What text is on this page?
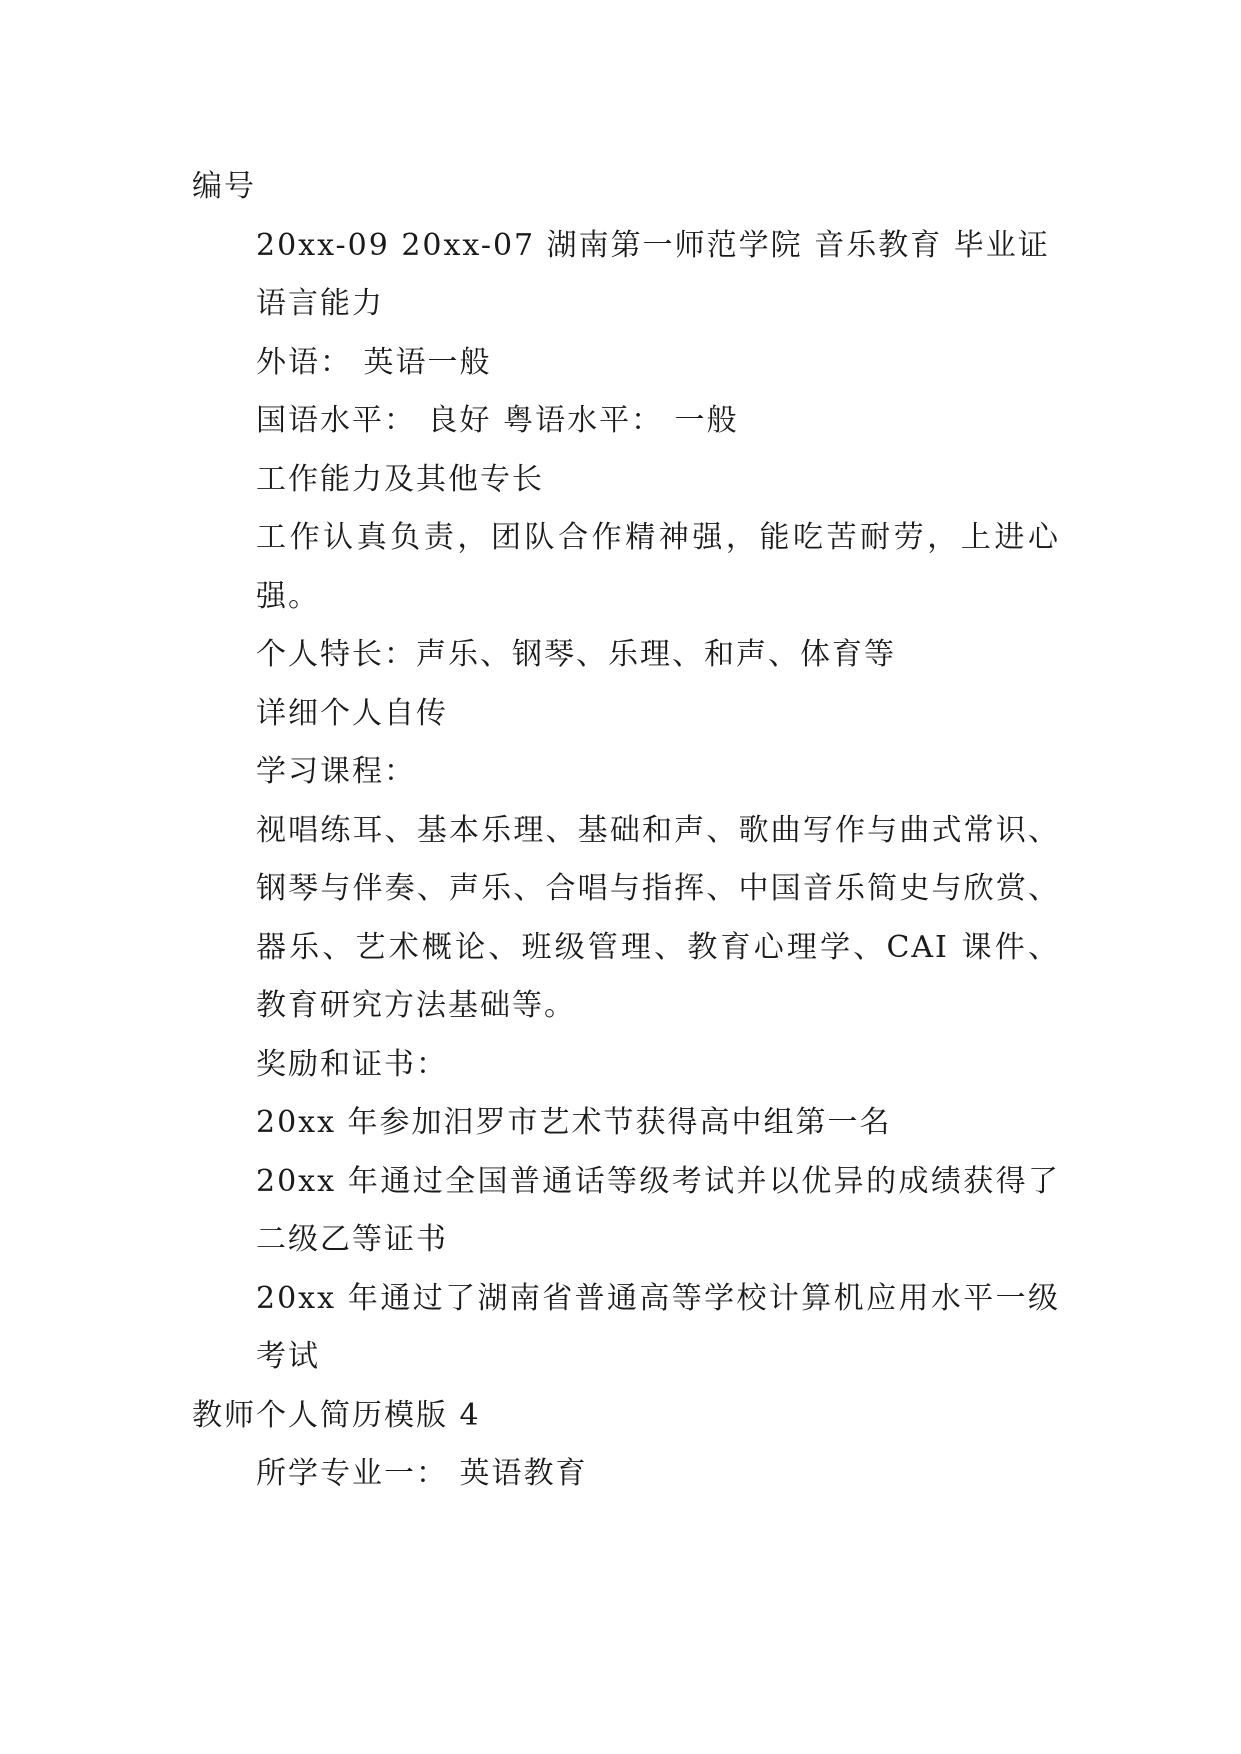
编号
20xx-09 20xx-07 湖南第一师范学院 音乐教育 毕业证
语言能力
外语： 英语一般
国语水平： 良好 粤语水平： 一般
工作能力及其他专长
工作认真负责，团队合作精神强，能吃苦耐劳，上进心强。
个人特长：声乐、钢琴、乐理、和声、体育等
详细个人自传
学习课程：
视唱练耳、基本乐理、基础和声、歌曲写作与曲式常识、钢琴与伴奏、声乐、合唱与指挥、中国音乐简史与欣赏、器乐、艺术概论、班级管理、教育心理学、CAI 课件、教育研究方法基础等。
奖励和证书：
20xx 年参加汨罗市艺术节获得高中组第一名
20xx 年通过全国普通话等级考试并以优异的成绩获得了二级乙等证书
20xx 年通过了湖南省普通高等学校计算机应用水平一级考试
教师个人简历模版 4
所学专业一： 英语教育
